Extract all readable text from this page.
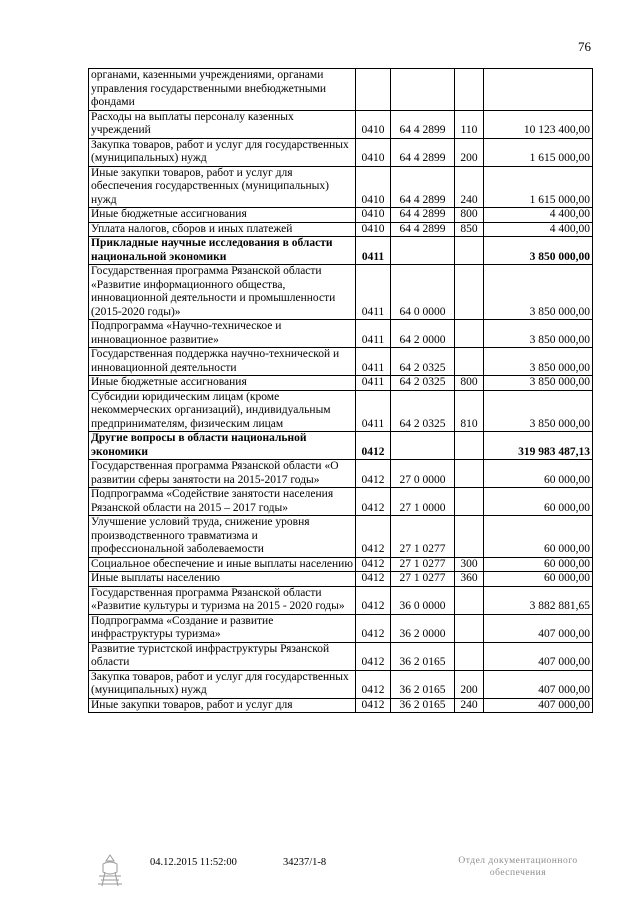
76
органами, казенными учреждениями, органами управления государственными внебюджетными фондами				
Расходы на выплаты персоналу казенных учреждений	0410	64 4 2899	110	10 123 400,00
Закупка товаров, работ и услуг для государственных (муниципальных) нужд	0410	64 4 2899	200	1 615 000,00
Иные закупки товаров, работ и услуг для обеспечения государственных (муниципальных) нужд	0410	64 4 2899	240	1 615 000,00
Иные бюджетные ассигнования	0410	64 4 2899	800	4 400,00
Уплата налогов, сборов и иных платежей	0410	64 4 2899	850	4 400,00
Прикладные научные исследования в области национальной экономики	0411			3 850 000,00
Государственная программа Рязанской области «Развитие информационного общества, инновационной деятельности и промышленности (2015-2020 годы)»	0411	64 0 0000		3 850 000,00
Подпрограмма «Научно-техническое и инновационное развитие»	0411	64 2 0000		3 850 000,00
Государственная поддержка научно-технической и инновационной деятельности	0411	64 2 0325		3 850 000,00
Иные бюджетные ассигнования	0411	64 2 0325	800	3 850 000,00
Субсидии юридическим лицам (кроме некоммерческих организаций), индивидуальным предпринимателям, физическим лицам	0411	64 2 0325	810	3 850 000,00
Другие вопросы в области национальной экономики	0412			319 983 487,13
Государственная программа Рязанской области «О развитии сферы занятости на 2015-2017 годы»	0412	27 0 0000		60 000,00
Подпрограмма «Содействие занятости населения Рязанской области на 2015 – 2017 годы»	0412	27 1 0000		60 000,00
Улучшение условий труда, снижение уровня производственного травматизма и профессиональной заболеваемости	0412	27 1 0277		60 000,00
Социальное обеспечение и иные выплаты населению	0412	27 1 0277	300	60 000,00
Иные выплаты населению	0412	27 1 0277	360	60 000,00
Государственная программа Рязанской области «Развитие культуры и туризма на 2015 - 2020 годы»	0412	36 0 0000		3 882 881,65
Подпрограмма «Создание и развитие инфраструктуры туризма»	0412	36 2 0000		407 000,00
Развитие туристской инфраструктуры Рязанской области	0412	36 2 0165		407 000,00
Закупка товаров, работ и услуг для государственных (муниципальных) нужд	0412	36 2 0165	200	407 000,00
Иные закупки товаров, работ и услуг для	0412	36 2 0165	240	407 000,00
04.12.2015 11:52:00	34237/1-8	Отдел документационного
обеспечения
